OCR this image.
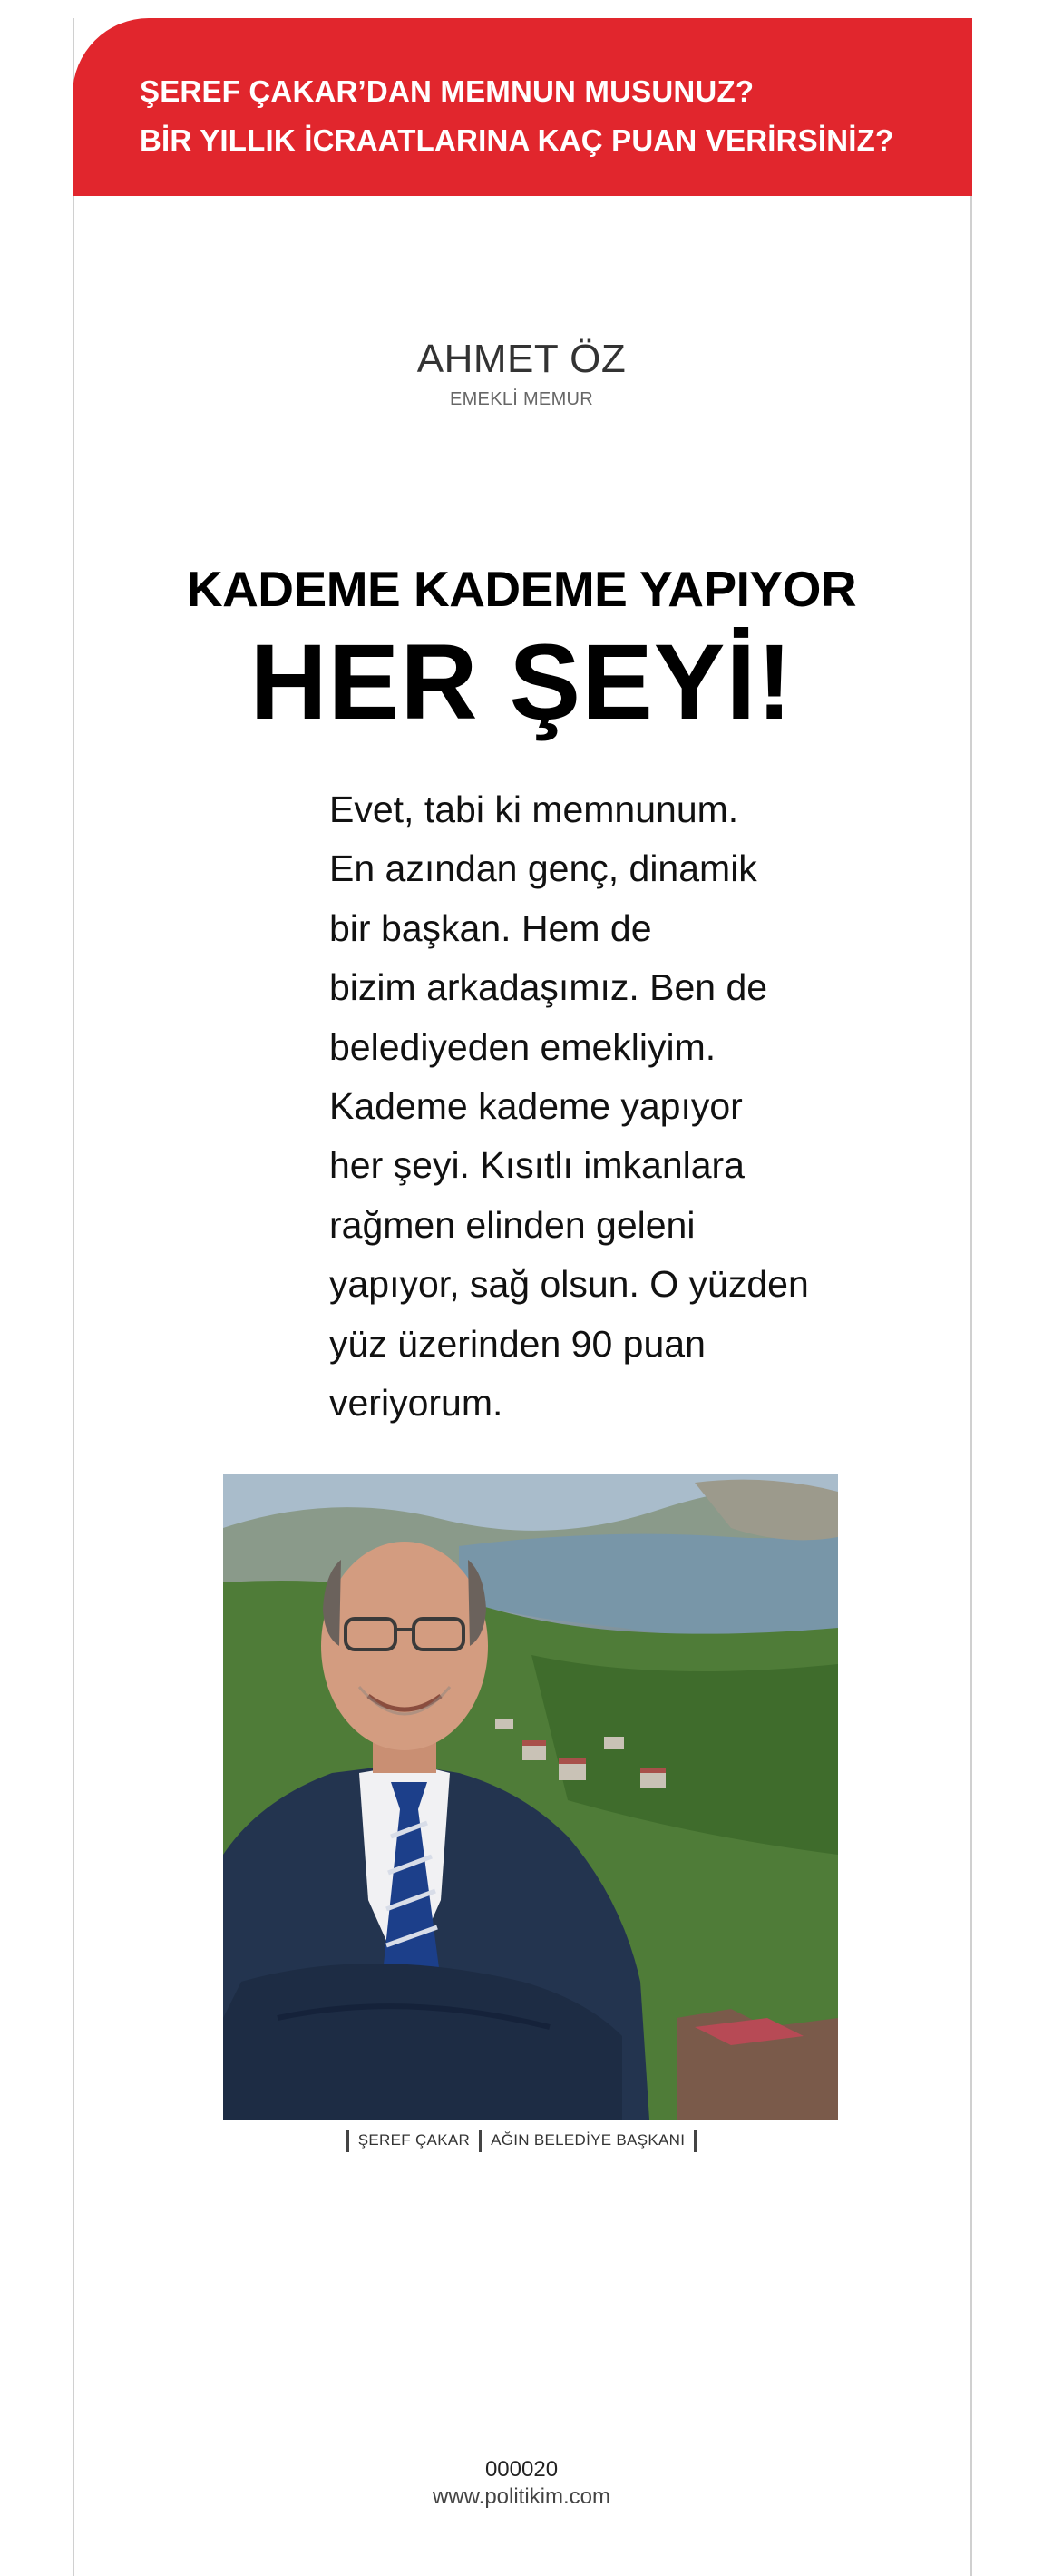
ŞEREF ÇAKAR’DAN MEMNUN MUSUNUZ?
BİR YILLIK İCRAATLARINA KAÇ PUAN VERİRSİNİZ?
AHMET ÖZ
EMEKLİ MEMUR
KADEME KADEME YAPIYOR
HER ŞEYİ!
Evet, tabi ki memnunum.
En azından genç, dinamik
bir başkan. Hem de
bizim arkadaşımız. Ben de
belediyeden emekliyim.
Kademe kademe yapıyor
her şeyi. Kısıtlı imkanlara
rağmen elinden geleni
yapıyor, sağ olsun. O yüzden
yüz üzerinden 90 puan
veriyorum.
ŞEREF ÇAKAR AĞIN BELEDİYE BAŞKANI
000020
www.politikim.com
